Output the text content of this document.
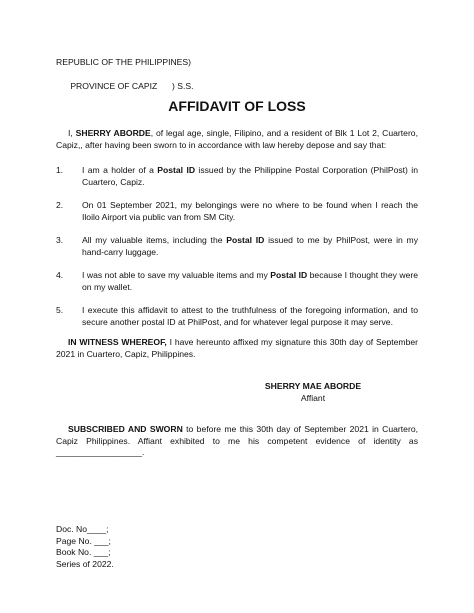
REPUBLIC OF THE PHILIPPINES)

PROVINCE OF CAPIZ ) S.S.

AFFIDAVIT OF LOSS
I, SHERRY ABORDE, of legal age, single, Filipino, and a resident of Blk 1 Lot 2, Cuartero, Capiz,, after having been sworn to in accordance with law hereby depose and say that:
1. I am a holder of a Postal ID issued by the Philippine Postal Corporation (PhilPost) in Cuartero, Capiz.
2. On 01 September 2021, my belongings were no where to be found when I reach the Iloilo Airport via public van from SM City.
3. All my valuable items, including the Postal ID issued to me by PhilPost, were in my hand-carry luggage.
4. I was not able to save my valuable items and my Postal ID because I thought they were on my wallet.
5. I execute this affidavit to attest to the truthfulness of the foregoing information, and to secure another postal ID at PhilPost, and for whatever legal purpose it may serve.
IN WITNESS WHEREOF, I have hereunto affixed my signature this 30th day of September 2021 in Cuartero, Capiz, Philippines.
SHERRY MAE ABORDE
Affiant
SUBSCRIBED AND SWORN to before me this 30th day of September 2021 in Cuartero, Capiz Philippines. Affiant exhibited to me his competent evidence of identity as __________________.
Doc. No____;
Page No. ___;
Book No. ___;
Series of 2022.
